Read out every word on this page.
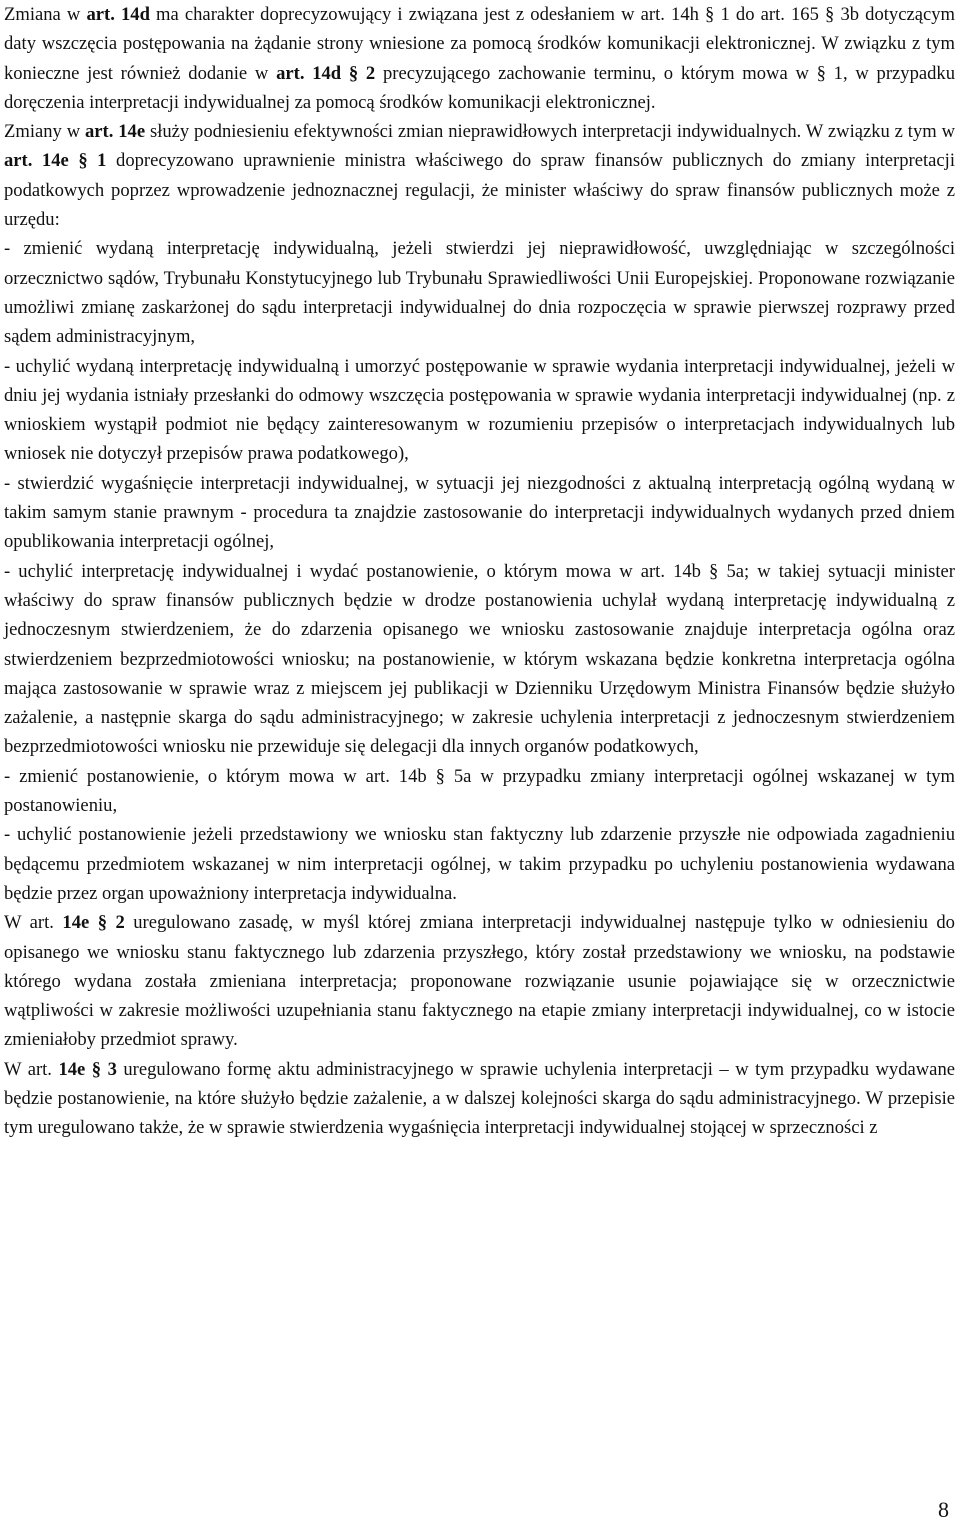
Zmiana w art. 14d ma charakter doprecyzowujący i związana jest z odesłaniem w art. 14h § 1 do art. 165 § 3b dotyczącym daty wszczęcia postępowania na żądanie strony wniesione za pomocą środków komunikacji elektronicznej. W związku z tym konieczne jest również dodanie w art. 14d § 2 precyzującego zachowanie terminu, o którym mowa w § 1, w przypadku doręczenia interpretacji indywidualnej za pomocą środków komunikacji elektronicznej.

Zmiany w art. 14e służy podniesieniu efektywności zmian nieprawidłowych interpretacji indywidualnych. W związku z tym w art. 14e § 1 doprecyzowano uprawnienie ministra właściwego do spraw finansów publicznych do zmiany interpretacji podatkowych poprzez wprowadzenie jednoznacznej regulacji, że minister właściwy do spraw finansów publicznych może z urzędu:

- zmienić wydaną interpretację indywidualną, jeżeli stwierdzi jej nieprawidłowość, uwzględniając w szczególności orzecznictwo sądów, Trybunału Konstytucyjnego lub Trybunału Sprawiedliwości Unii Europejskiej. Proponowane rozwiązanie umożliwi zmianę zaskarżonej do sądu interpretacji indywidualnej do dnia rozpoczęcia w sprawie pierwszej rozprawy przed sądem administracyjnym,

- uchylić wydaną interpretację indywidualną i umorzyć postępowanie w sprawie wydania interpretacji indywidualnej, jeżeli w dniu jej wydania istniały przesłanki do odmowy wszczęcia postępowania w sprawie wydania interpretacji indywidualnej (np. z wnioskiem wystąpił podmiot nie będący zainteresowanym w rozumieniu przepisów o interpretacjach indywidualnych lub wniosek nie dotyczył przepisów prawa podatkowego),

- stwierdzić wygaśnięcie interpretacji indywidualnej, w sytuacji jej niezgodności z aktualną interpretacją ogólną wydaną w takim samym stanie prawnym - procedura ta znajdzie zastosowanie do interpretacji indywidualnych wydanych przed dniem opublikowania interpretacji ogólnej,

- uchylić interpretację indywidualnej i wydać postanowienie, o którym mowa w art. 14b § 5a; w takiej sytuacji minister właściwy do spraw finansów publicznych będzie w drodze postanowienia uchylał wydaną interpretację indywidualną z jednoczesnym stwierdzeniem, że do zdarzenia opisanego we wniosku zastosowanie znajduje interpretacja ogólna oraz stwierdzeniem bezprzedmiotowości wniosku; na postanowienie, w którym wskazana będzie konkretna interpretacja ogólna mająca zastosowanie w sprawie wraz z miejscem jej publikacji w Dzienniku Urzędowym Ministra Finansów będzie służyło zażalenie, a następnie skarga do sądu administracyjnego; w zakresie uchylenia interpretacji z jednoczesnym stwierdzeniem bezprzedmiotowości wniosku nie przewiduje się delegacji dla innych organów podatkowych,

- zmienić postanowienie, o którym mowa w art. 14b § 5a w przypadku zmiany interpretacji ogólnej wskazanej w tym postanowieniu,

- uchylić postanowienie jeżeli przedstawiony we wniosku stan faktyczny lub zdarzenie przyszłe nie odpowiada zagadnieniu będącemu przedmiotem wskazanej w nim interpretacji ogólnej, w takim przypadku po uchyleniu postanowienia wydawana będzie przez organ upoważniony interpretacja indywidualna.

W art. 14e § 2 uregulowano zasadę, w myśl której zmiana interpretacji indywidualnej następuje tylko w odniesieniu do opisanego we wniosku stanu faktycznego lub zdarzenia przyszłego, który został przedstawiony we wniosku, na podstawie którego wydana została zmieniana interpretacja; proponowane rozwiązanie usunie pojawiające się w orzecznictwie wątpliwości w zakresie możliwości uzupełniania stanu faktycznego na etapie zmiany interpretacji indywidualnej, co w istocie zmieniałoby przedmiot sprawy.

W art. 14e § 3 uregulowano formę aktu administracyjnego w sprawie uchylenia interpretacji – w tym przypadku wydawane będzie postanowienie, na które służyło będzie zażalenie, a w dalszej kolejności skarga do sądu administracyjnego. W przepisie tym uregulowano także, że w sprawie stwierdzenia wygaśnięcia interpretacji indywidualnej stojącej w sprzeczności z

8
